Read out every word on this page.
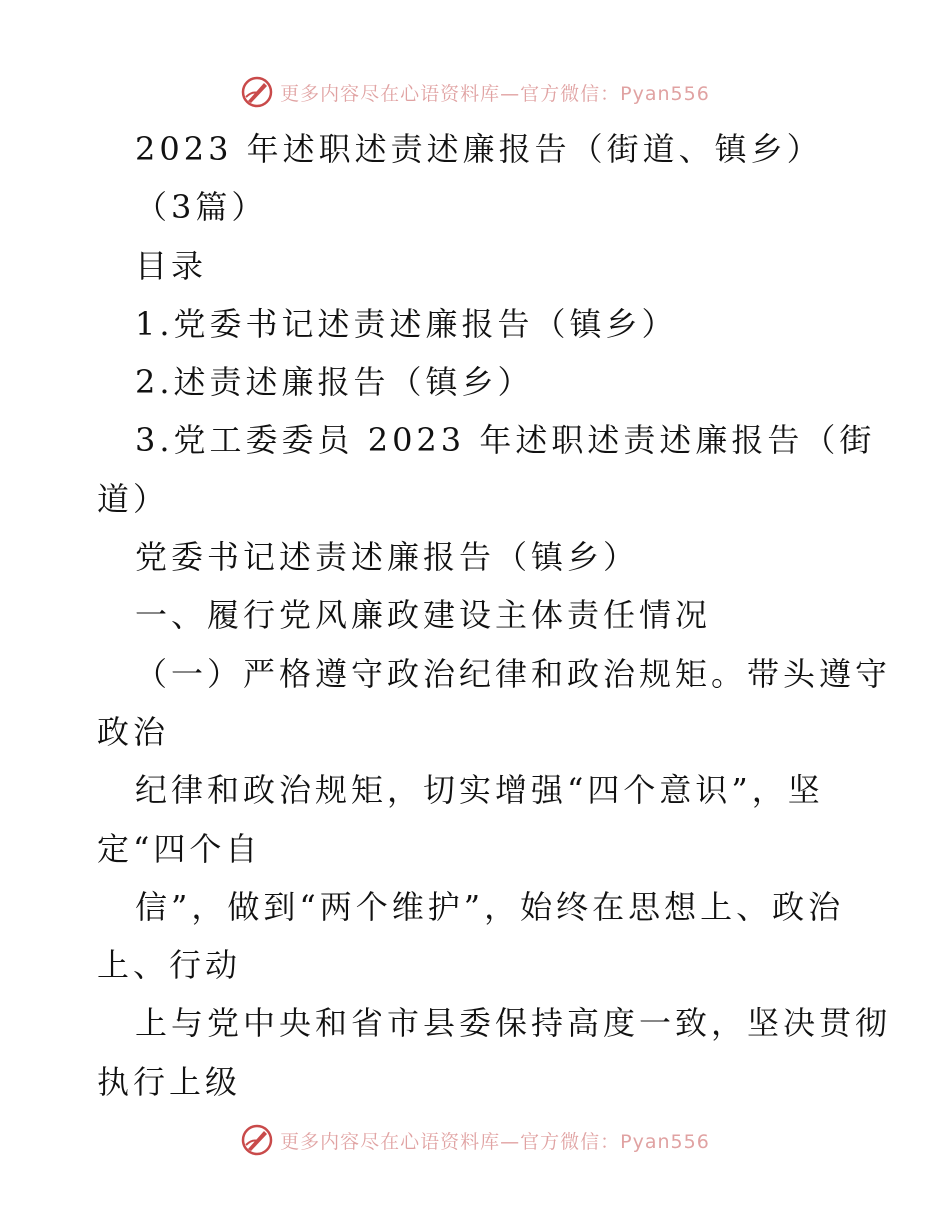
更多内容尽在心语资料库—官方微信：Pyan556
2023 年述职述责述廉报告（街道、镇乡）
（3篇）
目录
1.党委书记述责述廉报告（镇乡）
2.述责述廉报告（镇乡）
3.党工委委员 2023 年述职述责述廉报告（街
道）
党委书记述责述廉报告（镇乡）
一、履行党风廉政建设主体责任情况
（一）严格遵守政治纪律和政治规矩。带头遵守
政治
纪律和政治规矩，切实增强“四个意识”，坚
定“四个自
信”，做到“两个维护”，始终在思想上、政治
上、行动
上与党中央和省市县委保持高度一致，坚决贯彻
执行上级
更多内容尽在心语资料库—官方微信：Pyan556
